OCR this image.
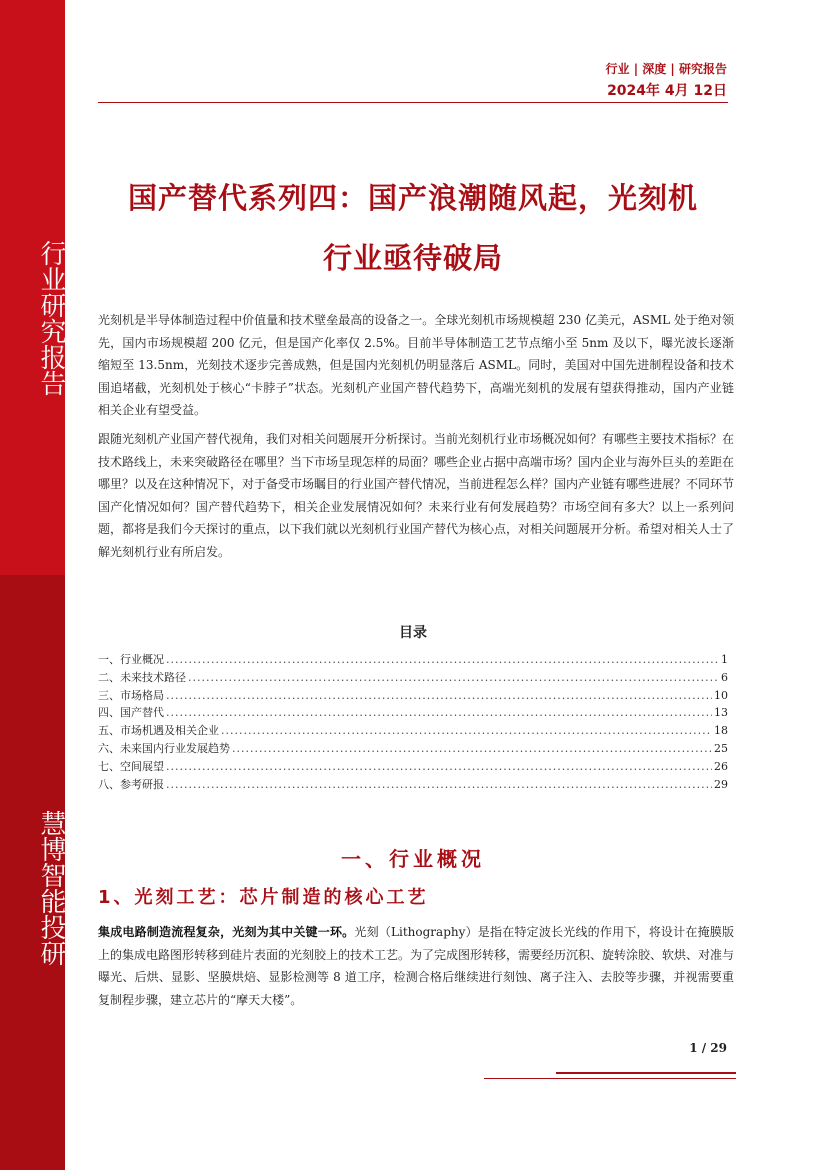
行业研究报告
慧博智能投研
行业 | 深度 | 研究报告
2024年 4月 12日
国产替代系列四：国产浪潮随风起，光刻机
行业亟待破局

光刻机是半导体制造过程中价值量和技术壁垒最高的设备之一。全球光刻机市场规模超 230 亿美元，ASML 处于绝对领先，国内市场规模超 200 亿元，但是国产化率仅 2.5%。目前半导体制造工艺节点缩小至 5nm 及以下，曝光波长逐渐缩短至 13.5nm，光刻技术逐步完善成熟，但是国内光刻机仍明显落后 ASML。同时，美国对中国先进制程设备和技术围追堵截，光刻机处于核心“卡脖子”状态。光刻机产业国产替代趋势下，高端光刻机的发展有望获得推动，国内产业链相关企业有望受益。

跟随光刻机产业国产替代视角，我们对相关问题展开分析探讨。当前光刻机行业市场概况如何？有哪些主要技术指标？在技术路线上，未来突破路径在哪里？当下市场呈现怎样的局面？哪些企业占据中高端市场？国内企业与海外巨头的差距在哪里？以及在这种情况下，对于备受市场瞩目的行业国产替代情况，当前进程怎么样？国内产业链有哪些进展？不同环节国产化情况如何？国产替代趋势下，相关企业发展情况如何？未来行业有何发展趋势？市场空间有多大？以上一系列问题，都将是我们今天探讨的重点，以下我们就以光刻机行业国产替代为核心点，对相关问题展开分析。希望对相关人士了解光刻机行业有所启发。

目录
一、行业概况 .....	1
二、未来技术路径 .....	6
三、市场格局 .....	10
四、国产替代 .....	13
五、市场机遇及相关企业 .....	18
六、未来国内行业发展趋势 .....	25
七、空间展望 .....	26
八、参考研报 .....	29
一、行业概况
1、光刻工艺：芯片制造的核心工艺

集成电路制造流程复杂，光刻为其中关键一环。光刻（Lithography）是指在特定波长光线的作用下，将设计在掩膜版上的集成电路图形转移到硅片表面的光刻胶上的技术工艺。为了完成图形转移，需要经历沉积、旋转涂胶、软烘、对准与曝光、后烘、显影、坚膜烘焙、显影检测等 8 道工序，检测合格后继续进行刻蚀、离子注入、去胶等步骤，并视需要重复制程步骤，建立芯片的“摩天大楼”。

1 / 29
